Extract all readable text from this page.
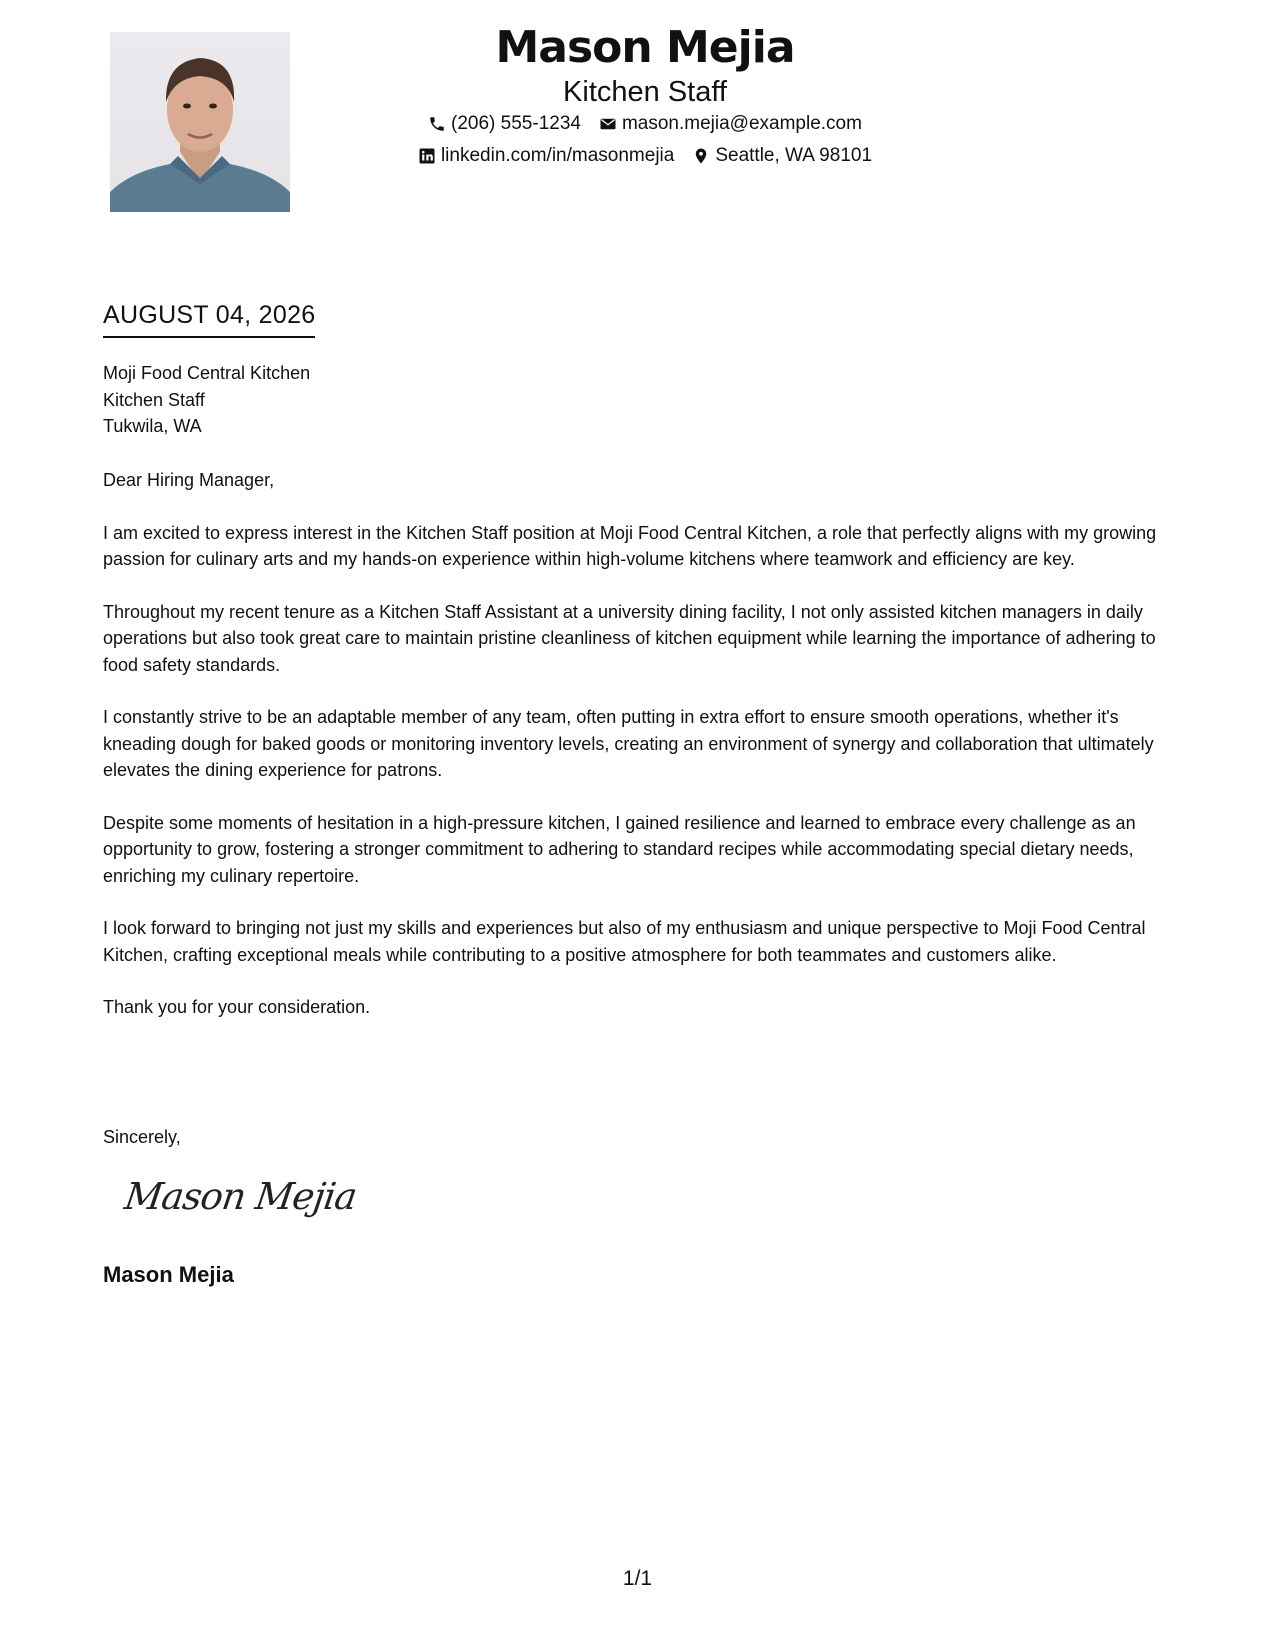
Mason Mejia
Kitchen Staff
(206) 555-1234 mason.mejia@example.com
linkedin.com/in/masonmejia Seattle, WA 98101
AUGUST 04, 2026
Moji Food Central Kitchen
Kitchen Staff
Tukwila, WA

Dear Hiring Manager,

I am excited to express interest in the Kitchen Staff position at Moji Food Central Kitchen, a role that perfectly aligns with my growing passion for culinary arts and my hands-on experience within high-volume kitchens where teamwork and efficiency are key.

Throughout my recent tenure as a Kitchen Staff Assistant at a university dining facility, I not only assisted kitchen managers in daily operations but also took great care to maintain pristine cleanliness of kitchen equipment while learning the importance of adhering to food safety standards.

I constantly strive to be an adaptable member of any team, often putting in extra effort to ensure smooth operations, whether it's kneading dough for baked goods or monitoring inventory levels, creating an environment of synergy and collaboration that ultimately elevates the dining experience for patrons.

Despite some moments of hesitation in a high-pressure kitchen, I gained resilience and learned to embrace every challenge as an opportunity to grow, fostering a stronger commitment to adhering to standard recipes while accommodating special dietary needs, enriching my culinary repertoire.

I look forward to bringing not just my skills and experiences but also of my enthusiasm and unique perspective to Moji Food Central Kitchen, crafting exceptional meals while contributing to a positive atmosphere for both teammates and customers alike.

Thank you for your consideration.

Sincerely,
Mason Mejia
Mason Mejia
1/1
